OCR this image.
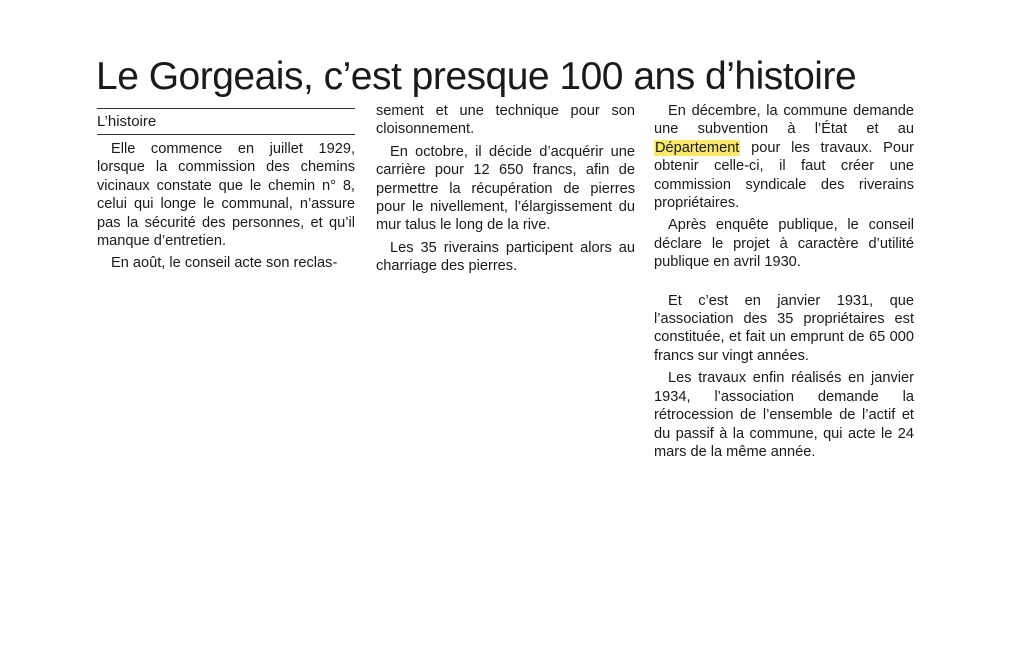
Le Gorgeais, c’est presque 100 ans d’histoire
L’histoire

Elle commence en juillet 1929, lorsque la commission des chemins vicinaux constate que le chemin n° 8, celui qui longe le communal, n’assure pas la sécurité des personnes, et qu’il manque d’entretien.

En août, le conseil acte son reclas-

sement et une technique pour son cloisonnement.

En octobre, il décide d’acquérir une carrière pour 12 650 francs, afin de permettre la récupération de pierres pour le nivellement, l’élargissement du mur talus le long de la rive.

Les 35 riverains participent alors au charriage des pierres.

En décembre, la commune demande une subvention à l’État et au Département pour les travaux. Pour obtenir celle-ci, il faut créer une commission syndicale des riverains propriétaires.

Après enquête publique, le conseil déclare le projet à caractère d’utilité publique en avril 1930.

Et c’est en janvier 1931, que l’association des 35 propriétaires est constituée, et fait un emprunt de 65 000 francs sur vingt années.

Les travaux enfin réalisés en janvier 1934, l’association demande la rétrocession de l’ensemble de l’actif et du passif à la commune, qui acte le 24 mars de la même année.
